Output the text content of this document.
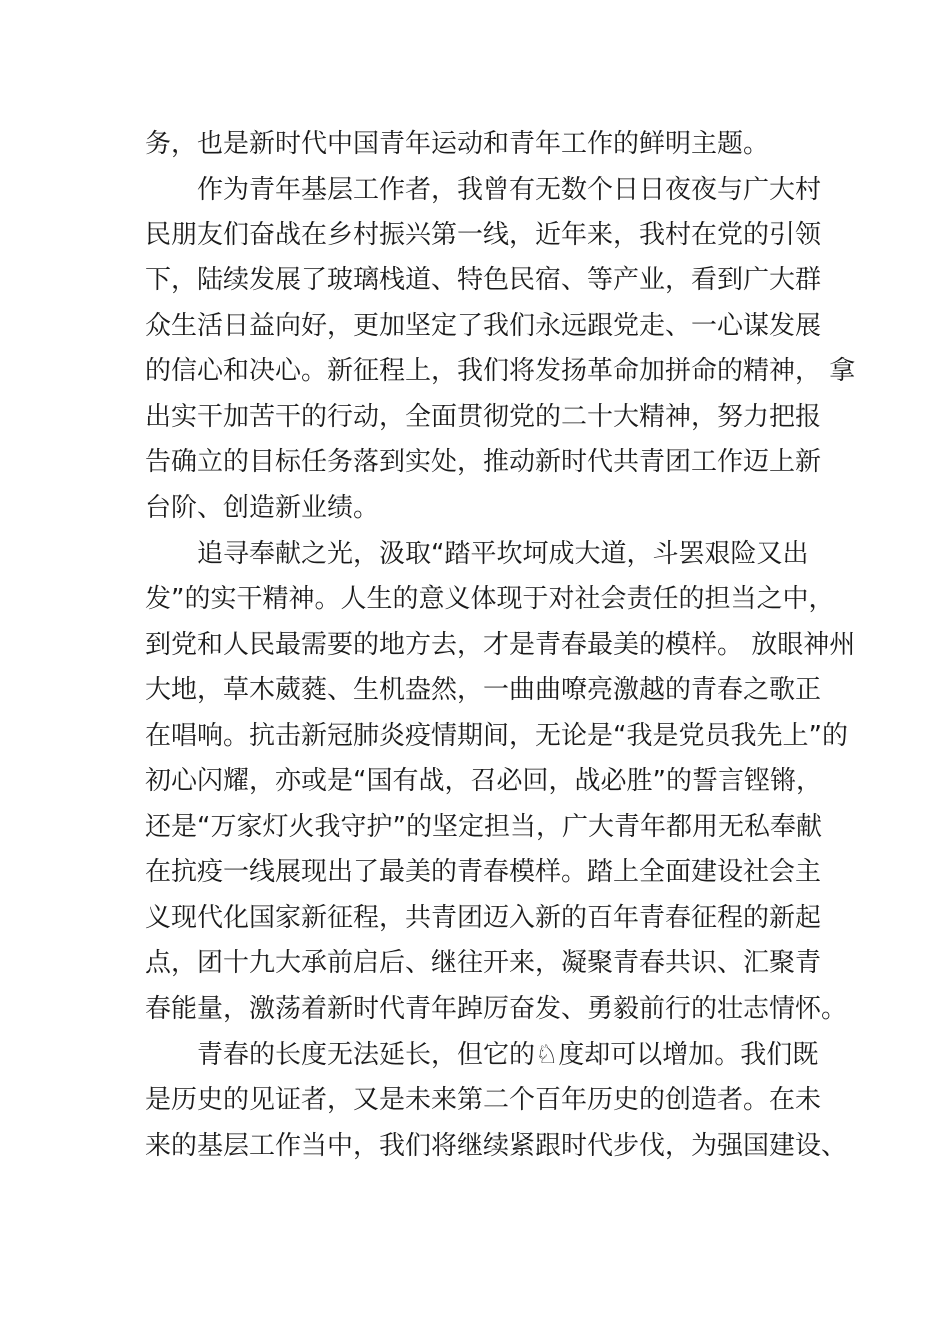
务，也是新时代中国青年运动和青年工作的鲜明主题。
作为青年基层工作者，我曾有无数个日日夜夜与广大村
民朋友们奋战在乡村振兴第一线，近年来，我村在党的引领
下，陆续发展了玻璃栈道、特色民宿、等产业，看到广大群
众生活日益向好，更加坚定了我们永远跟党走、一心谋发展
的信心和决心。新征程上，我们将发扬革命加拼命的精神， 拿
出实干加苦干的行动，全面贯彻党的二十大精神，努力把报
告确立的目标任务落到实处，推动新时代共青团工作迈上新
台阶、创造新业绩。
追寻奉献之光，汲取“踏平坎坷成大道，斗罢艰险又出
发”的实干精神。人生的意义体现于对社会责任的担当之中，
到党和人民最需要的地方去，才是青春最美的模样。 放眼神州
大地，草木葳蕤、生机盎然，一曲曲嘹亮激越的青春之歌正
在唱响。抗击新冠肺炎疫情期间，无论是“我是党员我先上”的
初心闪耀，亦或是“国有战，召必回，战必胜”的誓言铿锵，
还是“万家灯火我守护”的坚定担当，广大青年都用无私奉献
在抗疫一线展现出了最美的青春模样。踏上全面建设社会主
义现代化国家新征程，共青团迈入新的百年青春征程的新起
点，团十九大承前启后、继往开来，凝聚青春共识、汇聚青
春能量，激荡着新时代青年踔厉奋发、勇毅前行的壮志情怀。
青春的长度无法延长，但它的♘度却可以增加。我们既
是历史的见证者，又是未来第二个百年历史的创造者。在未
来的基层工作当中，我们将继续紧跟时代步伐，为强国建设、
